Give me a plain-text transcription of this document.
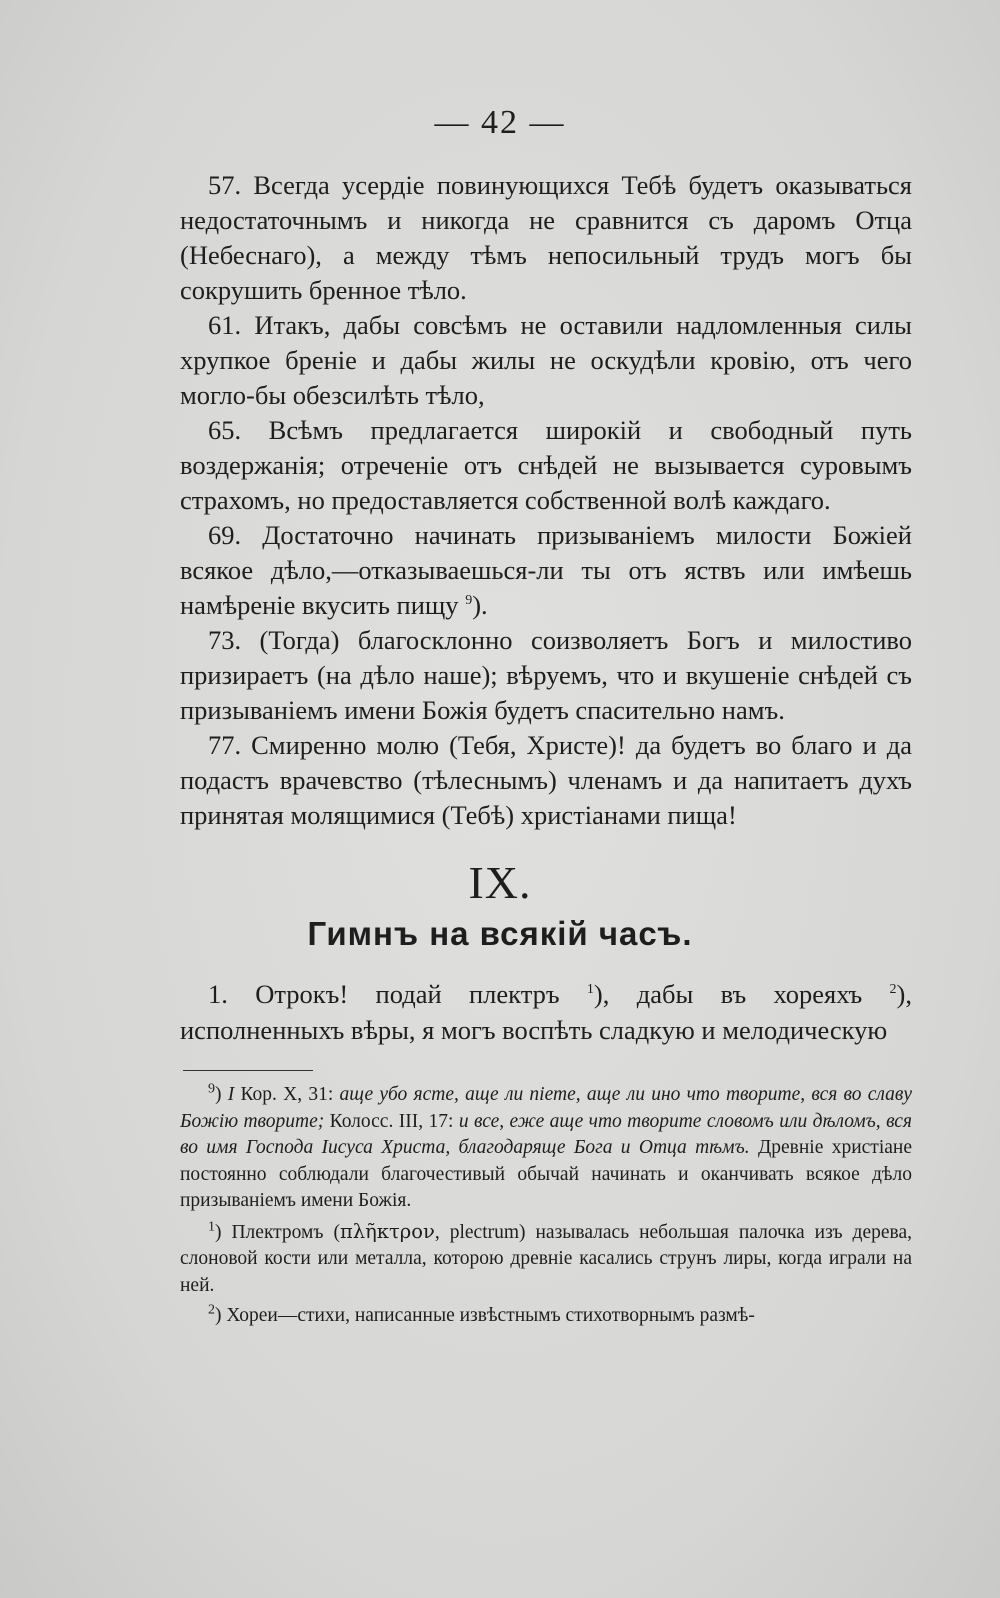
— 42 —

57. Всегда усердіе повинующихся Тебѣ будетъ оказываться недостаточнымъ и никогда не сравнится съ даромъ Отца (Небеснаго), а между тѣмъ непосильный трудъ могъ бы сокрушить бренное тѣло.

61. Итакъ, дабы совсѣмъ не оставили надломленныя силы хрупкое бреніе и дабы жилы не оскудѣли кровію, отъ чего могло-бы обезсилѣть тѣло,

65. Всѣмъ предлагается широкій и свободный путь воздержанія; отреченіе отъ снѣдей не вызывается суровымъ страхомъ, но предоставляется собственной волѣ каждаго.

69. Достаточно начинать призываніемъ милости Божіей всякое дѣло,—отказываешься-ли ты отъ яствъ или имѣешь намѣреніе вкусить пищу $^9$).

73. (Тогда) благосклонно соизволяетъ Богъ и милостиво призираетъ (на дѣло наше); вѣруемъ, что и вкушеніе снѣдей съ призываніемъ имени Божія будетъ спасительно намъ.

77. Смиренно молю (Тебя, Христе)! да будетъ во благо и да подастъ врачевство (тѣлеснымъ) членамъ и да напитаетъ духъ принятая молящимися (Тебѣ) христіанами пища!

IX.
Гимнъ на всякій часъ.

1. Отрокъ! подай плектръ $^1$), дабы въ хореяхъ $^2$), исполненныхъ вѣры, я могъ воспѣть сладкую и мелодическую

$^9$) I Кор. X, 31: аще убо ясте, аще ли піете, аще ли ино что творите, вся во славу Божію творите; Колосс. III, 17: и все, еже аще что творите словомъ или дѣломъ, вся во имя Господа Іисуса Христа, благодаряще Бога и Отца тѣмъ. Древніе христіане постоянно соблюдали благочестивый обычай начинать и оканчивать всякое дѣло призываніемъ имени Божія.

$^1$) Плектромъ (πλῆκτρον, plectrum) называлась небольшая палочка изъ дерева, слоновой кости или металла, которою древніе касались струнъ лиры, когда играли на ней.

$^2$) Хореи—стихи, написанные извѣстнымъ стихотворнымъ размѣ-
